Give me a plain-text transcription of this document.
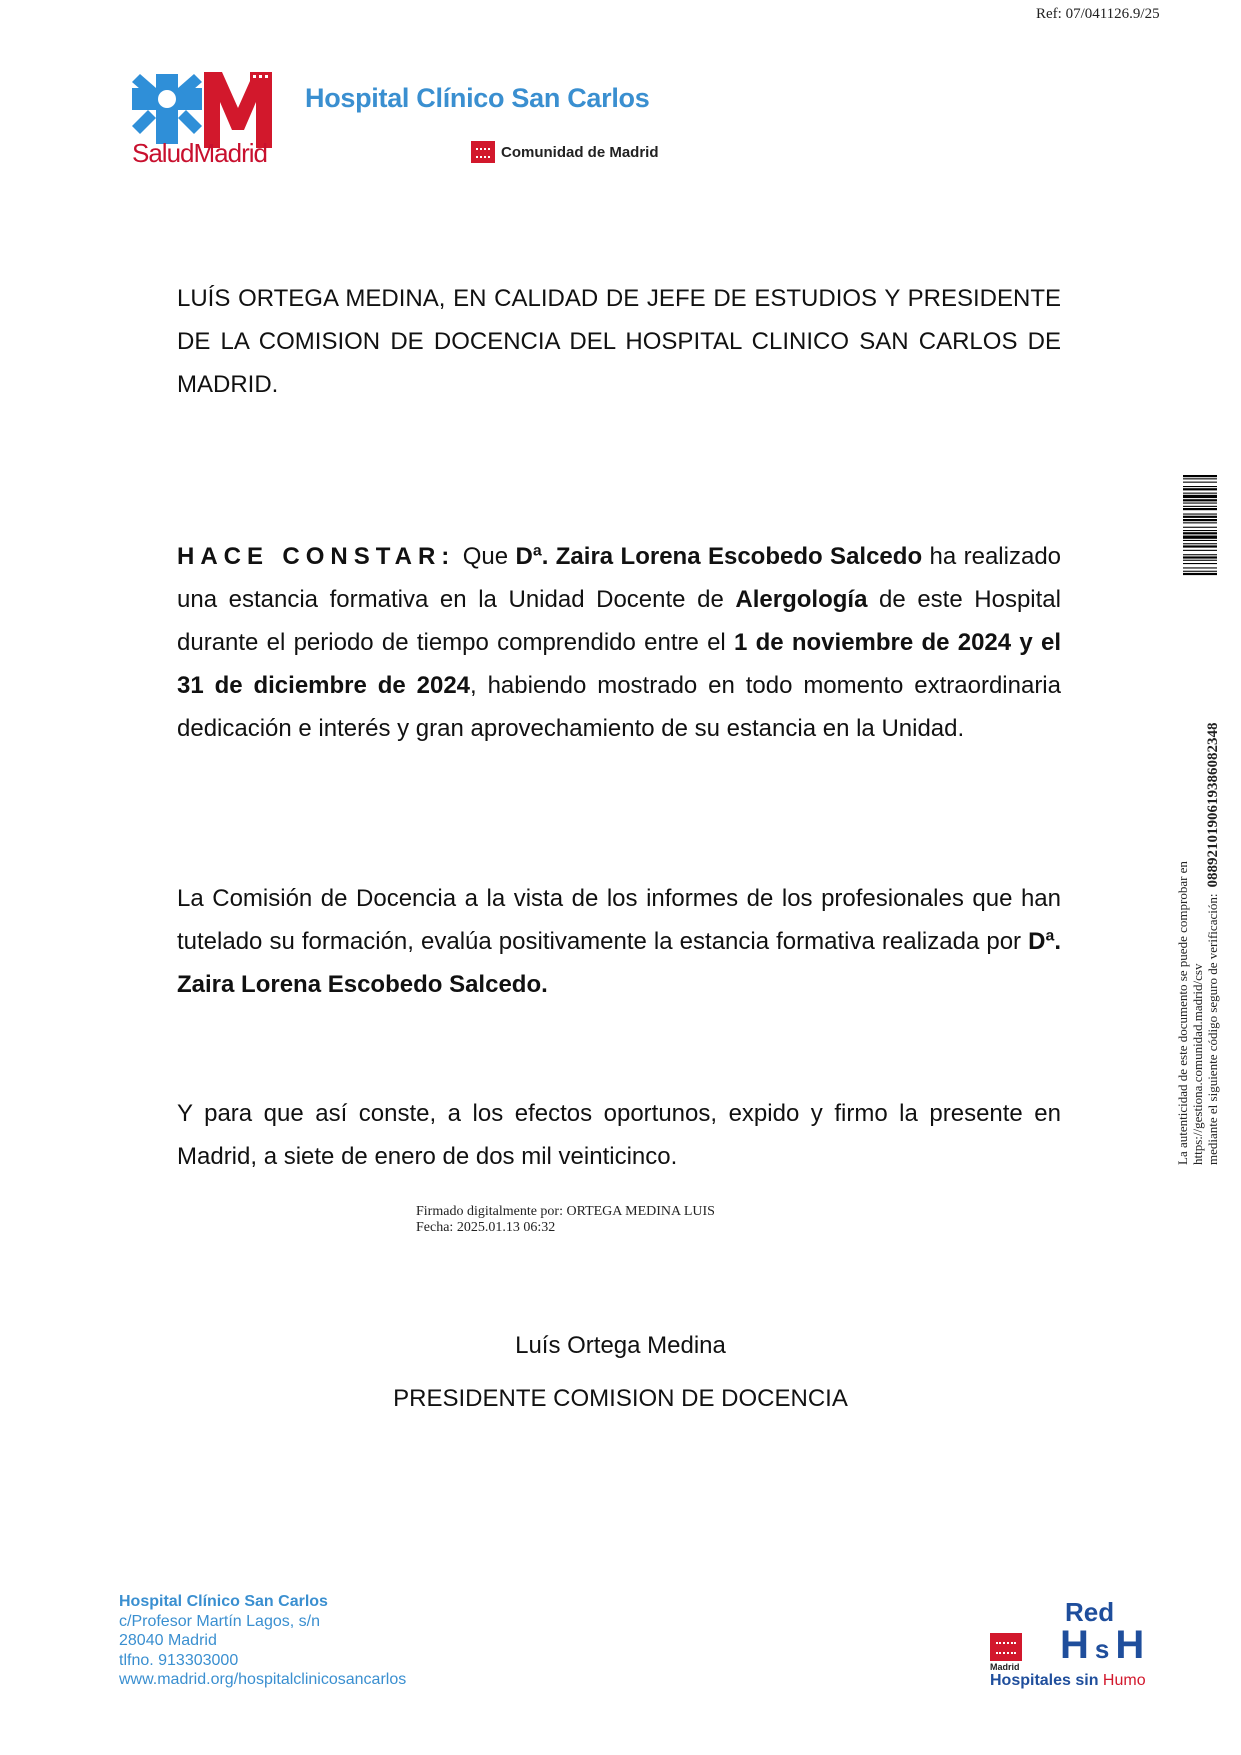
Ref: 07/041126.9/25
SaludMadrid
Hospital Clínico San Carlos
Comunidad de Madrid
LUÍS ORTEGA MEDINA, EN CALIDAD DE JEFE DE ESTUDIOS Y PRESIDENTE DE LA COMISION DE DOCENCIA DEL HOSPITAL CLINICO SAN CARLOS DE MADRID.
HACE CONSTAR: Que Dª. Zaira Lorena Escobedo Salcedo ha realizado una estancia formativa en la Unidad Docente de Alergología de este Hospital durante el periodo de tiempo comprendido entre el 1 de noviembre de 2024 y el 31 de diciembre de 2024, habiendo mostrado en todo momento extraordinaria dedicación e interés y gran aprovechamiento de su estancia en la Unidad.
La Comisión de Docencia a la vista de los informes de los profesionales que han tutelado su formación, evalúa positivamente la estancia formativa realizada por Dª. Zaira Lorena Escobedo Salcedo.
Y para que así conste, a los efectos oportunos, expido y firmo la presente en Madrid, a siete de enero de dos mil veinticinco.
Firmado digitalmente por: ORTEGA MEDINA LUIS
Fecha: 2025.01.13 06:32
Luís Ortega Medina
PRESIDENTE COMISION DE DOCENCIA
La autenticidad de este documento se puede comprobar en https://gestiona.comunidad.madrid/csv mediante el siguiente código seguro de verificación:0889210190619386082348
Hospital Clínico San Carlos
c/Profesor Martín Lagos, s/n
28040 Madrid
tlfno. 913303000
www.madrid.org/hospitalclinicosancarlos
Red
HsH
Madrid
Hospitales sin Humo
